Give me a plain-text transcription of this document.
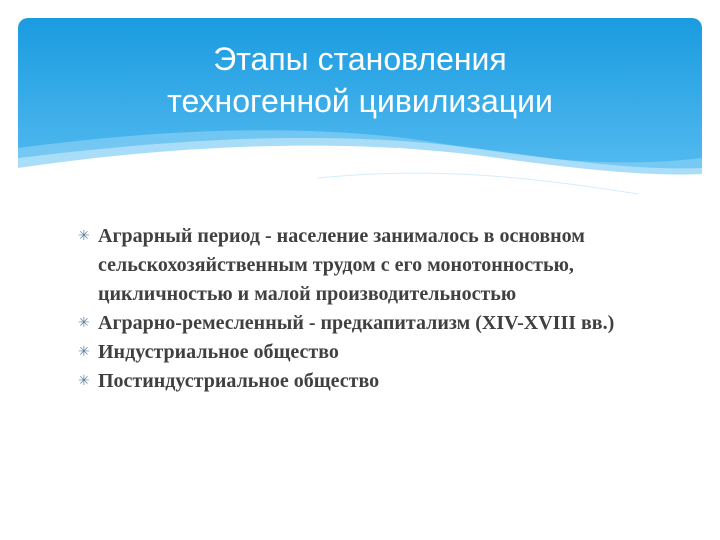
Этапы становления
техногенной цивилизации
✳ Аграрный период - население занималось в основном сельскохозяйственным трудом с его монотонностью, цикличностью и малой производительностью
✳ Аграрно-ремесленный - предкапитализм (XIV-XVIII вв.)
✳ Индустриальное общество
✳ Постиндустриальное общество
